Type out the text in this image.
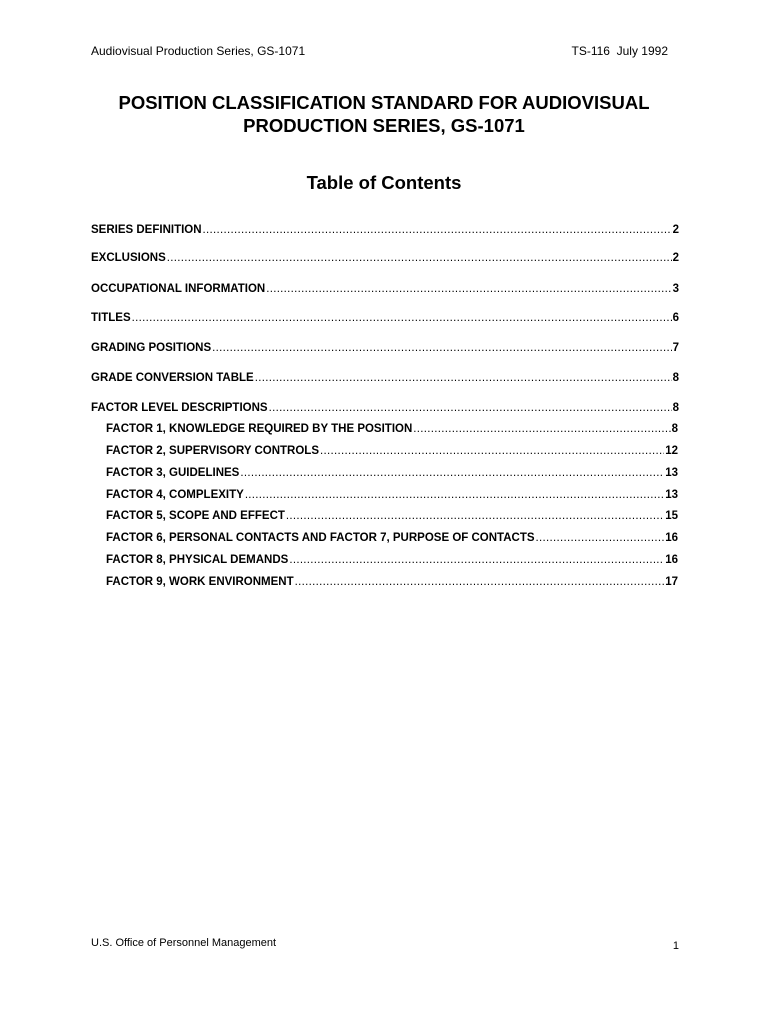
Audiovisual Production Series, GS-1071	TS-116  July 1992
POSITION CLASSIFICATION STANDARD FOR AUDIOVISUAL
PRODUCTION SERIES, GS-1071
Table of Contents
SERIES DEFINITION .....	2
EXCLUSIONS .....	2
OCCUPATIONAL INFORMATION .....	3
TITLES .....	6
GRADING POSITIONS .....	7
GRADE CONVERSION TABLE .....	8
FACTOR LEVEL DESCRIPTIONS .....	8
FACTOR 1, KNOWLEDGE REQUIRED BY THE POSITION .....	8
FACTOR 2, SUPERVISORY CONTROLS .....	12
FACTOR 3, GUIDELINES .....	13
FACTOR 4, COMPLEXITY .....	13
FACTOR 5, SCOPE AND EFFECT .....	15
FACTOR 6, PERSONAL CONTACTS AND FACTOR 7, PURPOSE OF CONTACTS .....	16
FACTOR 8, PHYSICAL DEMANDS .....	16
FACTOR 9, WORK ENVIRONMENT .....	17
U.S. Office of Personnel Management	1
